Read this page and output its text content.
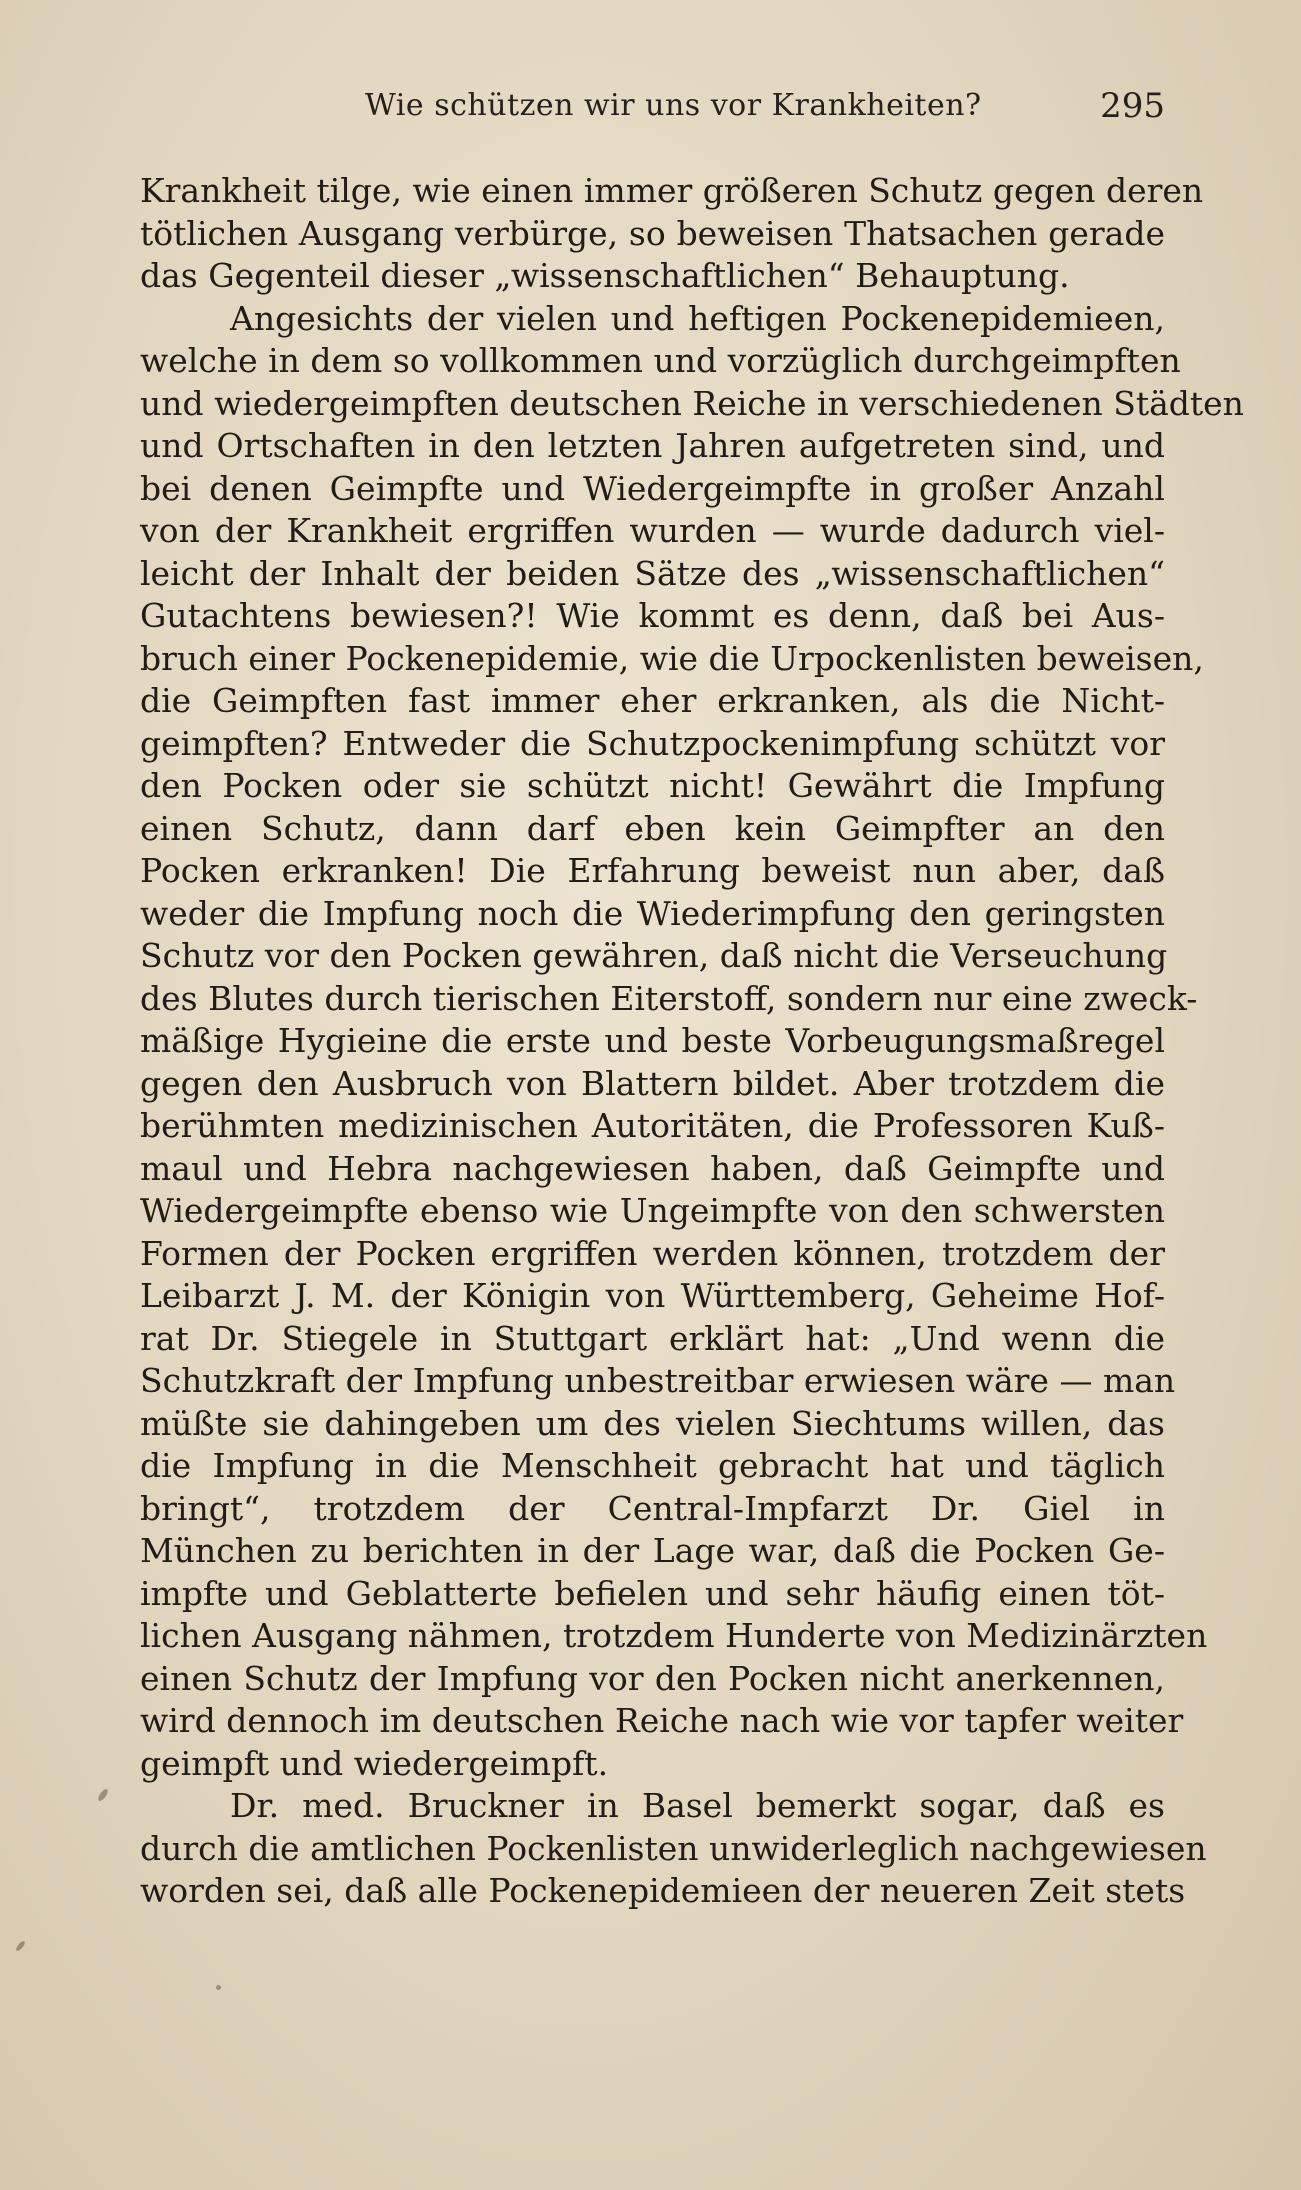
Wie schützen wir uns vor Krankheiten?	295
Krankheit tilge, wie einen immer größeren Schutz gegen deren
tötlichen Ausgang verbürge, so beweisen Thatsachen gerade
das Gegenteil dieser „wissenschaftlichen“ Behauptung.
Angesichts der vielen und heftigen Pockenepidemieen,
welche in dem so vollkommen und vorzüglich durchgeimpften
und wiedergeimpften deutschen Reiche in verschiedenen Städten
und Ortschaften in den letzten Jahren aufgetreten sind, und
bei denen Geimpfte und Wiedergeimpfte in großer Anzahl
von der Krankheit ergriffen wurden — wurde dadurch viel-
leicht der Inhalt der beiden Sätze des „wissenschaftlichen“
Gutachtens bewiesen?! Wie kommt es denn, daß bei Aus-
bruch einer Pockenepidemie, wie die Urpockenlisten beweisen,
die Geimpften fast immer eher erkranken, als die Nicht-
geimpften? Entweder die Schutzpockenimpfung schützt vor
den Pocken oder sie schützt nicht! Gewährt die Impfung
einen Schutz, dann darf eben kein Geimpfter an den
Pocken erkranken! Die Erfahrung beweist nun aber, daß
weder die Impfung noch die Wiederimpfung den geringsten
Schutz vor den Pocken gewähren, daß nicht die Verseuchung
des Blutes durch tierischen Eiterstoff, sondern nur eine zweck-
mäßige Hygieine die erste und beste Vorbeugungsmaßregel
gegen den Ausbruch von Blattern bildet. Aber trotzdem die
berühmten medizinischen Autoritäten, die Professoren Kuß-
maul und Hebra nachgewiesen haben, daß Geimpfte und
Wiedergeimpfte ebenso wie Ungeimpfte von den schwersten
Formen der Pocken ergriffen werden können, trotzdem der
Leibarzt J. M. der Königin von Württemberg, Geheime Hof-
rat Dr. Stiegele in Stuttgart erklärt hat: „Und wenn die
Schutzkraft der Impfung unbestreitbar erwiesen wäre — man
müßte sie dahingeben um des vielen Siechtums willen, das
die Impfung in die Menschheit gebracht hat und täglich
bringt“, trotzdem der Central-Impfarzt Dr. Giel in
München zu berichten in der Lage war, daß die Pocken Ge-
impfte und Geblatterte befielen und sehr häufig einen töt-
lichen Ausgang nähmen, trotzdem Hunderte von Medizinärzten
einen Schutz der Impfung vor den Pocken nicht anerkennen,
wird dennoch im deutschen Reiche nach wie vor tapfer weiter
geimpft und wiedergeimpft.
Dr. med. Bruckner in Basel bemerkt sogar, daß es
durch die amtlichen Pockenlisten unwiderleglich nachgewiesen
worden sei, daß alle Pockenepidemieen der neueren Zeit stets
